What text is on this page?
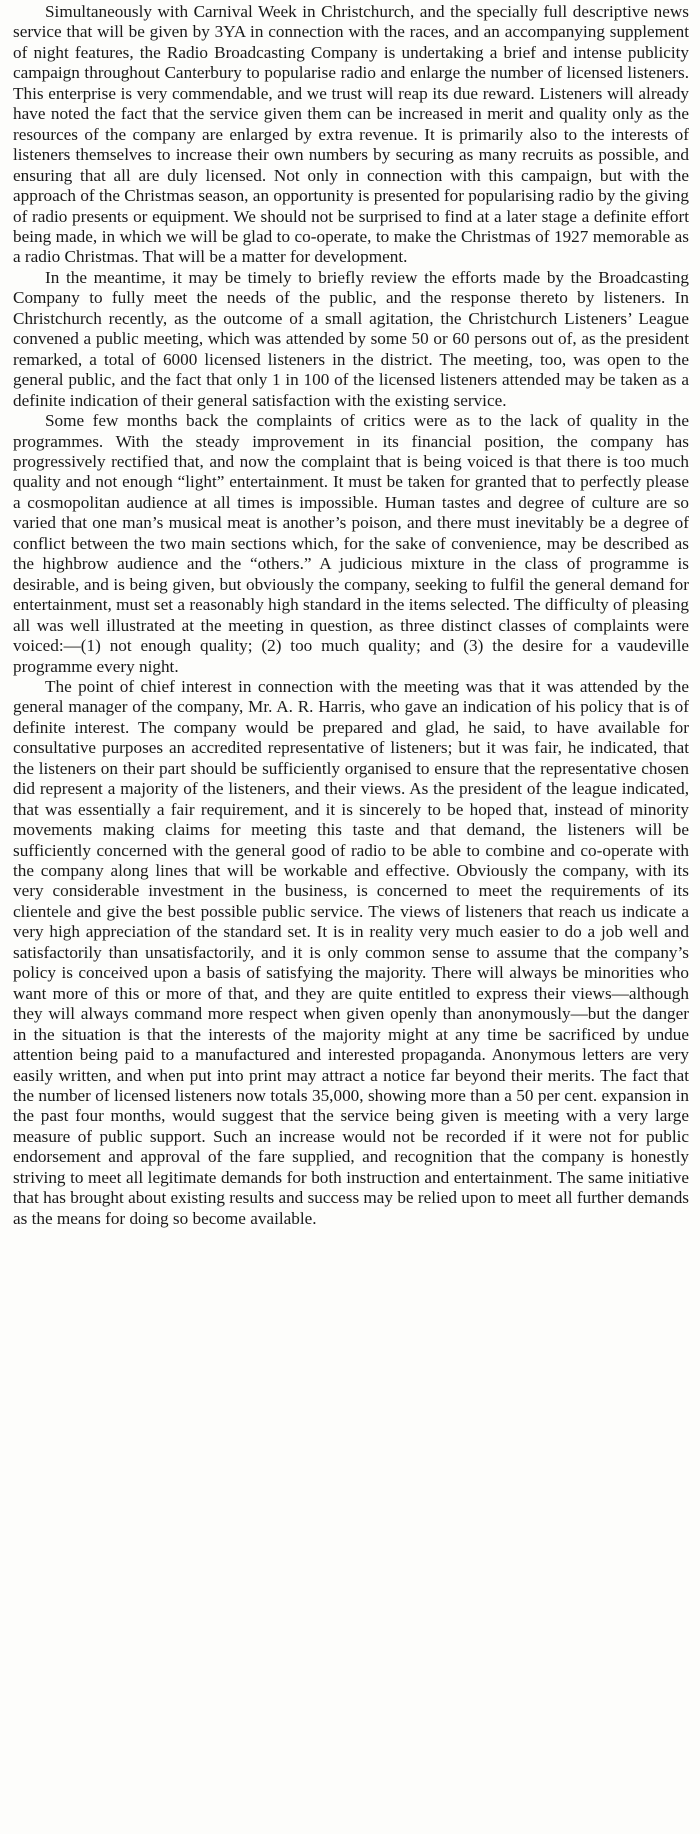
Simultaneously with Carnival Week in Christchurch, and the specially full descriptive news service that will be given by 3YA in connection with the races, and an accompanying supplement of night features, the Radio Broadcasting Company is undertaking a brief and intense publicity campaign throughout Canterbury to popularise radio and enlarge the number of licensed listeners. This enterprise is very commendable, and we trust will reap its due reward. Listeners will already have noted the fact that the service given them can be increased in merit and quality only as the resources of the company are enlarged by extra revenue. It is primarily also to the interests of listeners themselves to increase their own numbers by securing as many recruits as possible, and ensuring that all are duly licensed. Not only in connection with this campaign, but with the approach of the Christmas season, an opportunity is presented for popularising radio by the giving of radio presents or equipment. We should not be surprised to find at a later stage a definite effort being made, in which we will be glad to co-operate, to make the Christmas of 1927 memorable as a radio Christmas. That will be a matter for development.

In the meantime, it may be timely to briefly review the efforts made by the Broadcasting Company to fully meet the needs of the public, and the response thereto by listeners. In Christchurch recently, as the outcome of a small agitation, the Christchurch Listeners’ League convened a public meeting, which was attended by some 50 or 60 persons out of, as the president remarked, a total of 6000 licensed listeners in the district. The meeting, too, was open to the general public, and the fact that only 1 in 100 of the licensed listeners attended may be taken as a definite indication of their general satisfaction with the existing service.

Some few months back the complaints of critics were as to the lack of quality in the programmes. With the steady improvement in its financial position, the company has progressively rectified that, and now the complaint that is being voiced is that there is too much quality and not enough “light” entertainment. It must be taken for granted that to perfectly please a cosmopolitan audience at all times is impossible. Human tastes and degree of culture are so varied that one man’s musical meat is another’s poison, and there must inevitably be a degree of conflict between the two main sections which, for the sake of convenience, may be described as the highbrow audience and the “others.” A judicious mixture in the class of programme is desirable, and is being given, but obviously the company, seeking to fulfil the general demand for entertainment, must set a reasonably high standard in the items selected. The difficulty of pleasing all was well illustrated at the meeting in question, as three distinct classes of complaints were voiced:—(1) not enough quality; (2) too much quality; and (3) the desire for a vaudeville programme every night.

The point of chief interest in connection with the meeting was that it was attended by the general manager of the company, Mr. A. R. Harris, who gave an indication of his policy that is of definite interest. The company would be prepared and glad, he said, to have available for consultative purposes an accredited representative of listeners; but it was fair, he indicated, that the listeners on their part should be sufficiently organised to ensure that the representative chosen did represent a majority of the listeners, and their views. As the president of the league indicated, that was essentially a fair requirement, and it is sincerely to be hoped that, instead of minority movements making claims for meeting this taste and that demand, the listeners will be sufficiently concerned with the general good of radio to be able to combine and co-operate with the company along lines that will be workable and effective. Obviously the company, with its very considerable investment in the business, is concerned to meet the requirements of its clientele and give the best possible public service. The views of listeners that reach us indicate a very high appreciation of the standard set. It is in reality very much easier to do a job well and satisfactorily than unsatisfactorily, and it is only common sense to assume that the company’s policy is conceived upon a basis of satisfying the majority. There will always be minorities who want more of this or more of that, and they are quite entitled to express their views—although they will always command more respect when given openly than anonymously—but the danger in the situation is that the interests of the majority might at any time be sacrificed by undue attention being paid to a manufactured and interested propaganda. Anonymous letters are very easily written, and when put into print may attract a notice far beyond their merits. The fact that the number of licensed listeners now totals 35,000, showing more than a 50 per cent. expansion in the past four months, would suggest that the service being given is meeting with a very large measure of public support. Such an increase would not be recorded if it were not for public endorsement and approval of the fare supplied, and recognition that the company is honestly striving to meet all legitimate demands for both instruction and entertainment. The same initiative that has brought about existing results and success may be relied upon to meet all further demands as the means for doing so become available.
